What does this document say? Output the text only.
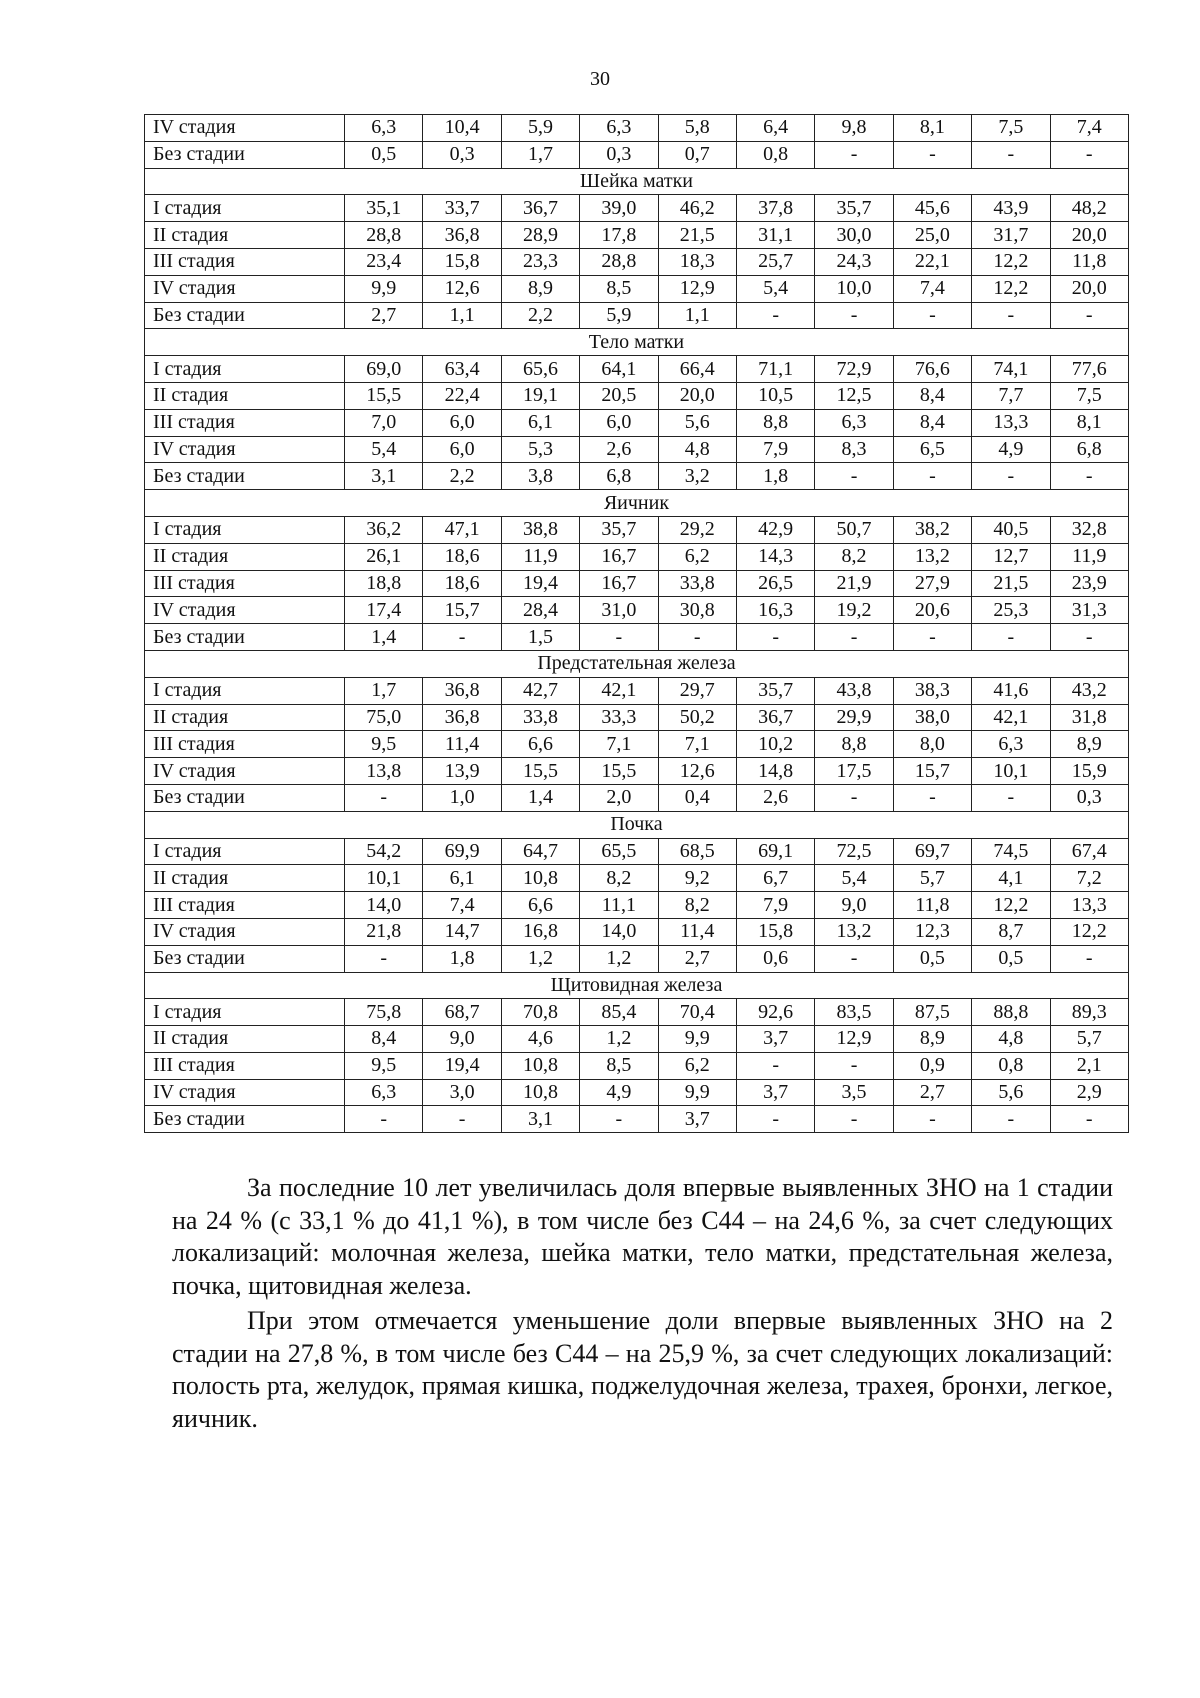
30
IV стадия	6,3	10,4	5,9	6,3	5,8	6,4	9,8	8,1	7,5	7,4
Без стадии	0,5	0,3	1,7	0,3	0,7	0,8	-	-	-	-
Шейка матки										
I стадия	35,1	33,7	36,7	39,0	46,2	37,8	35,7	45,6	43,9	48,2
II стадия	28,8	36,8	28,9	17,8	21,5	31,1	30,0	25,0	31,7	20,0
III стадия	23,4	15,8	23,3	28,8	18,3	25,7	24,3	22,1	12,2	11,8
IV стадия	9,9	12,6	8,9	8,5	12,9	5,4	10,0	7,4	12,2	20,0
Без стадии	2,7	1,1	2,2	5,9	1,1	-	-	-	-	-
Тело матки										
I стадия	69,0	63,4	65,6	64,1	66,4	71,1	72,9	76,6	74,1	77,6
II стадия	15,5	22,4	19,1	20,5	20,0	10,5	12,5	8,4	7,7	7,5
III стадия	7,0	6,0	6,1	6,0	5,6	8,8	6,3	8,4	13,3	8,1
IV стадия	5,4	6,0	5,3	2,6	4,8	7,9	8,3	6,5	4,9	6,8
Без стадии	3,1	2,2	3,8	6,8	3,2	1,8	-	-	-	-
Яичник										
I стадия	36,2	47,1	38,8	35,7	29,2	42,9	50,7	38,2	40,5	32,8
II стадия	26,1	18,6	11,9	16,7	6,2	14,3	8,2	13,2	12,7	11,9
III стадия	18,8	18,6	19,4	16,7	33,8	26,5	21,9	27,9	21,5	23,9
IV стадия	17,4	15,7	28,4	31,0	30,8	16,3	19,2	20,6	25,3	31,3
Без стадии	1,4	-	1,5	-	-	-	-	-	-	-
Предстательная железа										
I стадия	1,7	36,8	42,7	42,1	29,7	35,7	43,8	38,3	41,6	43,2
II стадия	75,0	36,8	33,8	33,3	50,2	36,7	29,9	38,0	42,1	31,8
III стадия	9,5	11,4	6,6	7,1	7,1	10,2	8,8	8,0	6,3	8,9
IV стадия	13,8	13,9	15,5	15,5	12,6	14,8	17,5	15,7	10,1	15,9
Без стадии	-	1,0	1,4	2,0	0,4	2,6	-	-	-	0,3
Почка										
I стадия	54,2	69,9	64,7	65,5	68,5	69,1	72,5	69,7	74,5	67,4
II стадия	10,1	6,1	10,8	8,2	9,2	6,7	5,4	5,7	4,1	7,2
III стадия	14,0	7,4	6,6	11,1	8,2	7,9	9,0	11,8	12,2	13,3
IV стадия	21,8	14,7	16,8	14,0	11,4	15,8	13,2	12,3	8,7	12,2
Без стадии	-	1,8	1,2	1,2	2,7	0,6	-	0,5	0,5	-
Щитовидная железа										
I стадия	75,8	68,7	70,8	85,4	70,4	92,6	83,5	87,5	88,8	89,3
II стадия	8,4	9,0	4,6	1,2	9,9	3,7	12,9	8,9	4,8	5,7
III стадия	9,5	19,4	10,8	8,5	6,2	-	-	0,9	0,8	2,1
IV стадия	6,3	3,0	10,8	4,9	9,9	3,7	3,5	2,7	5,6	2,9
Без стадии	-	-	3,1	-	3,7	-	-	-	-	-

За последние 10 лет увеличилась доля впервые выявленных ЗНО на 1 стадии на 24 % (с 33,1 % до 41,1 %), в том числе без С44 – на 24,6 %, за счет следующих локализаций: молочная железа, шейка матки, тело матки, предстательная железа, почка, щитовидная железа.

При этом отмечается уменьшение доли впервые выявленных ЗНО на 2 стадии на 27,8 %, в том числе без С44 – на 25,9 %, за счет следующих локализаций: полость рта, желудок, прямая кишка, поджелудочная железа, трахея, бронхи, легкое, яичник.
